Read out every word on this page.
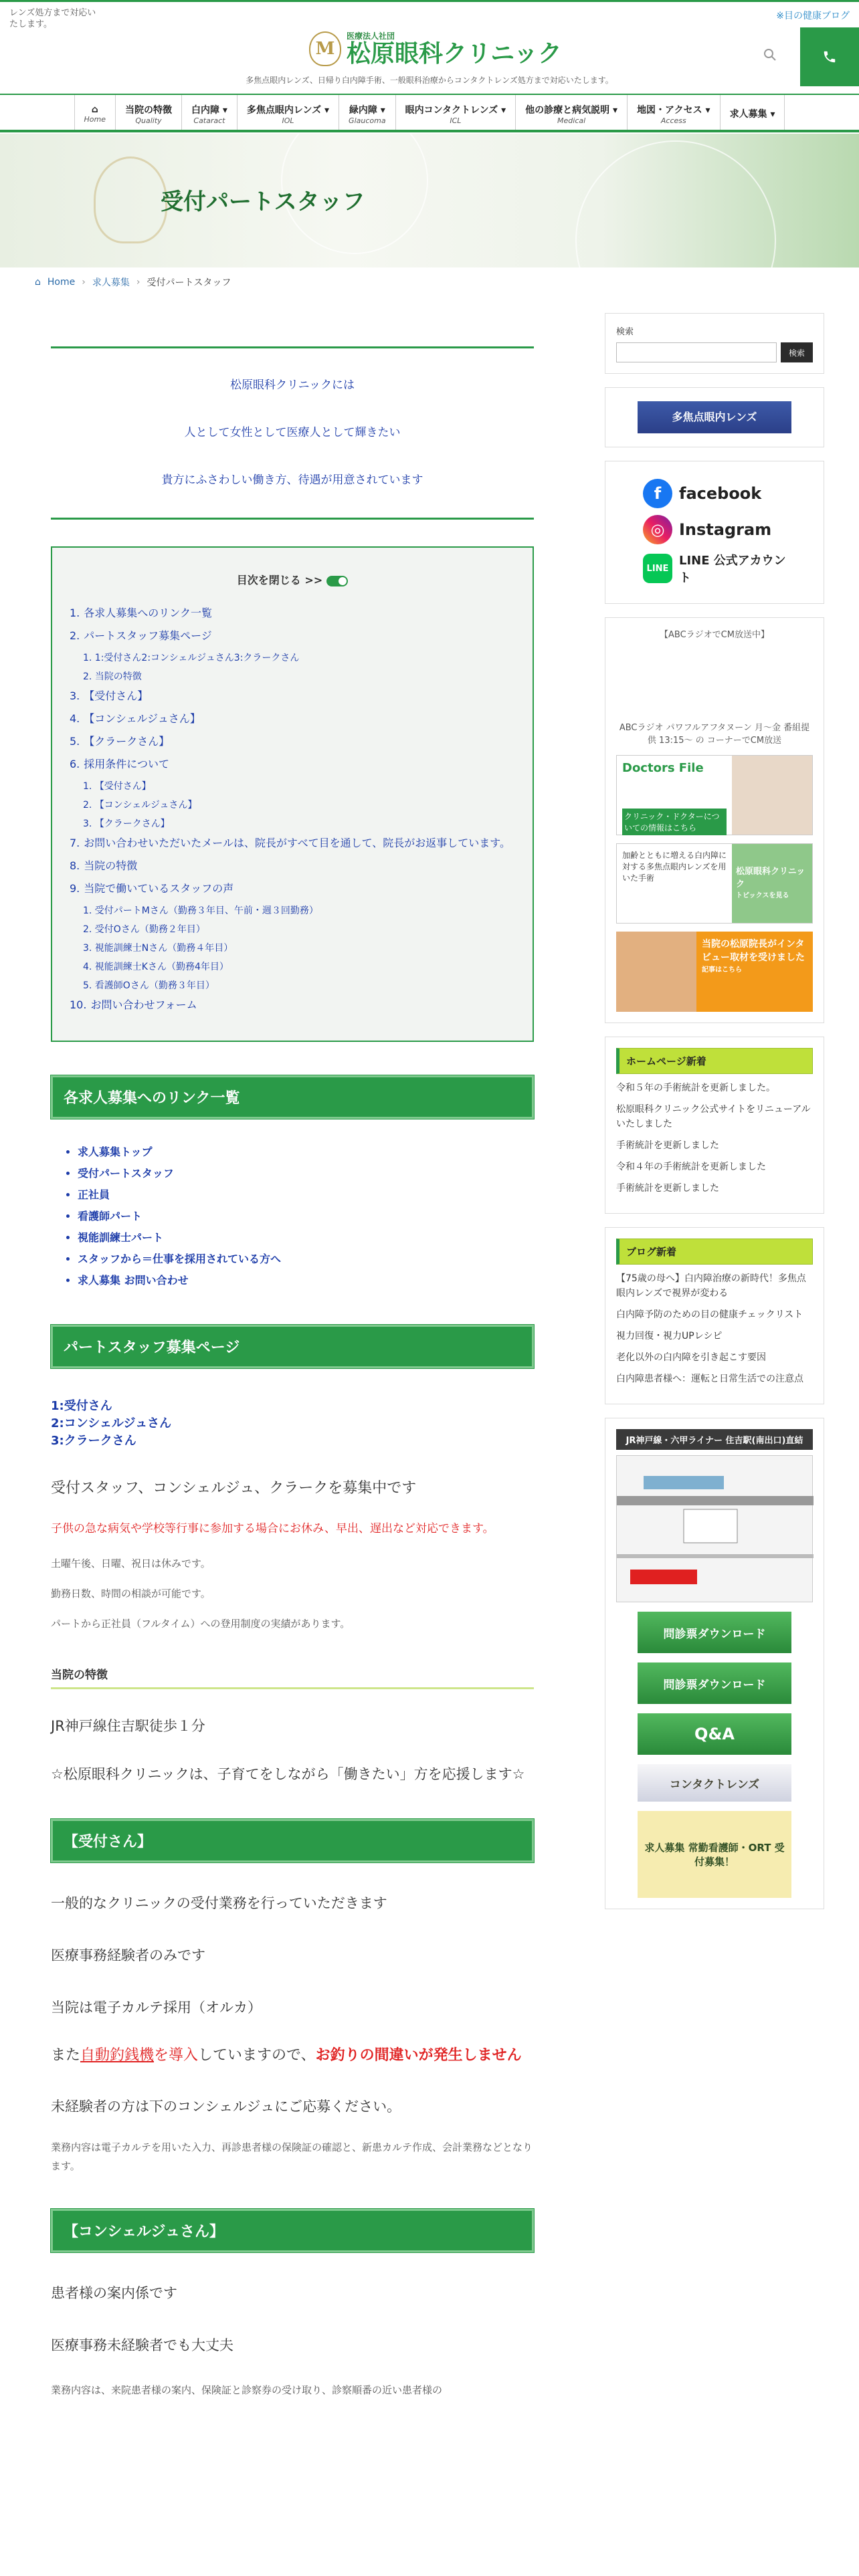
レンズ処方まで対応いたします。
M
医療法人社団
松原眼科クリニック
多焦点眼内レンズ、日帰り白内障手術、一般眼科治療からコンタクトレンズ処方まで対応いたします。
※目の健康ブログ
⌂
Home
当院の特徴
Quality
白内障 ▾
Cataract
多焦点眼内レンズ ▾
IOL
緑内障 ▾
Glaucoma
眼内コンタクトレンズ ▾
ICL
他の診療と病気説明 ▾
Medical
地図・アクセス ▾
Access
求人募集 ▾
受付パートスタッフ
⌂ Home › 求人募集 › 受付パートスタッフ

松原眼科クリニックには

人として女性として医療人として輝きたい

貴方にふさわしい働き方、待遇が用意されています

目次を閉じる >>
1. 各求人募集へのリンク一覧
2. パートスタッフ募集ページ
1. 1:受付さん2:コンシェルジュさん3:クラークさん
2. 当院の特徴
3. 【受付さん】
4. 【コンシェルジュさん】
5. 【クラークさん】
6. 採用条件について
1. 【受付さん】
2. 【コンシェルジュさん】
3. 【クラークさん】
7. お問い合わせいただいたメールは、院長がすべて目を通して、院長がお返事しています。
8. 当院の特徴
9. 当院で働いているスタッフの声
1. 受付パートMさん（勤務３年目、午前・週３回勤務）
2. 受付Oさん（勤務２年目）
3. 視能訓練士Nさん（勤務４年目）
4. 視能訓練士Kさん（勤務4年目）
5. 看護師Oさん（勤務３年目）
10. お問い合わせフォーム
各求人募集へのリンク一覧
• 求人募集トップ
• 受付パートスタッフ
• 正社員
• 看護師パート
• 視能訓練士パート
• スタッフから＝仕事を採用されている方へ
• 求人募集 お問い合わせ
パートスタッフ募集ページ
1:受付さん
2:コンシェルジュさん
3:クラークさん
受付スタッフ、コンシェルジュ、クラークを募集中です
子供の急な病気や学校等行事に参加する場合にお休み、早出、遅出など対応できます。
土曜午後、日曜、祝日は休みです。
勤務日数、時間の相談が可能です。
パートから正社員（フルタイム）への登用制度の実績があります。
当院の特徴
JR神戸線住吉駅徒歩１分
☆松原眼科クリニックは、子育てをしながら「働きたい」方を応援します☆
【受付さん】
一般的なクリニックの受付業務を行っていただきます
医療事務経験者のみです
当院は電子カルテ採用（オルカ）
また自動釣銭機を導入していますので、お釣りの間違いが発生しません
未経験者の方は下のコンシェルジュにご応募ください。
業務内容は電子カルテを用いた入力、再診患者様の保険証の確認と、新患カルテ作成、会計業務などとなります。
【コンシェルジュさん】
患者様の案内係です
医療事務未経験者でも大丈夫
業務内容は、来院患者様の案内、保険証と診察券の受け取り、診察順番の近い患者様の
検索
検索
多焦点眼内レンズ
f	facebook
◎ Instagram
LINE
LINE 公式アカウント
【ABCラジオでCM放送中】
ABCラジオ パワフルアフタヌーン 月〜金 番組提供 13:15〜 の コーナーでCM放送
Doctors File
クリニック・ドクターについての情報はこちら
加齢とともに増える白内障に対する多焦点眼内レンズを用いた手術
松原眼科クリニック
トピックスを見る
当院の松原院長がインタビュー取材を受けました
記事はこちら
ホームページ新着
令和５年の手術統計を更新しました。
松原眼科クリニック公式サイトをリニューアルいたしました
手術統計を更新しました
令和４年の手術統計を更新しました
手術統計を更新しました
ブログ新着
【75歳の母へ】白内障治療の新時代！多焦点眼内レンズで視界が変わる
白内障予防のための目の健康チェックリスト
視力回復・視力UPレシピ
老化以外の白内障を引き起こす要因
白内障患者様へ：運転と日常生活での注意点
JR神戸線・六甲ライナー 住吉駅(南出口)直結
問診票ダウンロード
問診票ダウンロード
Q&A
コンタクトレンズ
求人募集 常勤看護師・ORT 受付募集！
